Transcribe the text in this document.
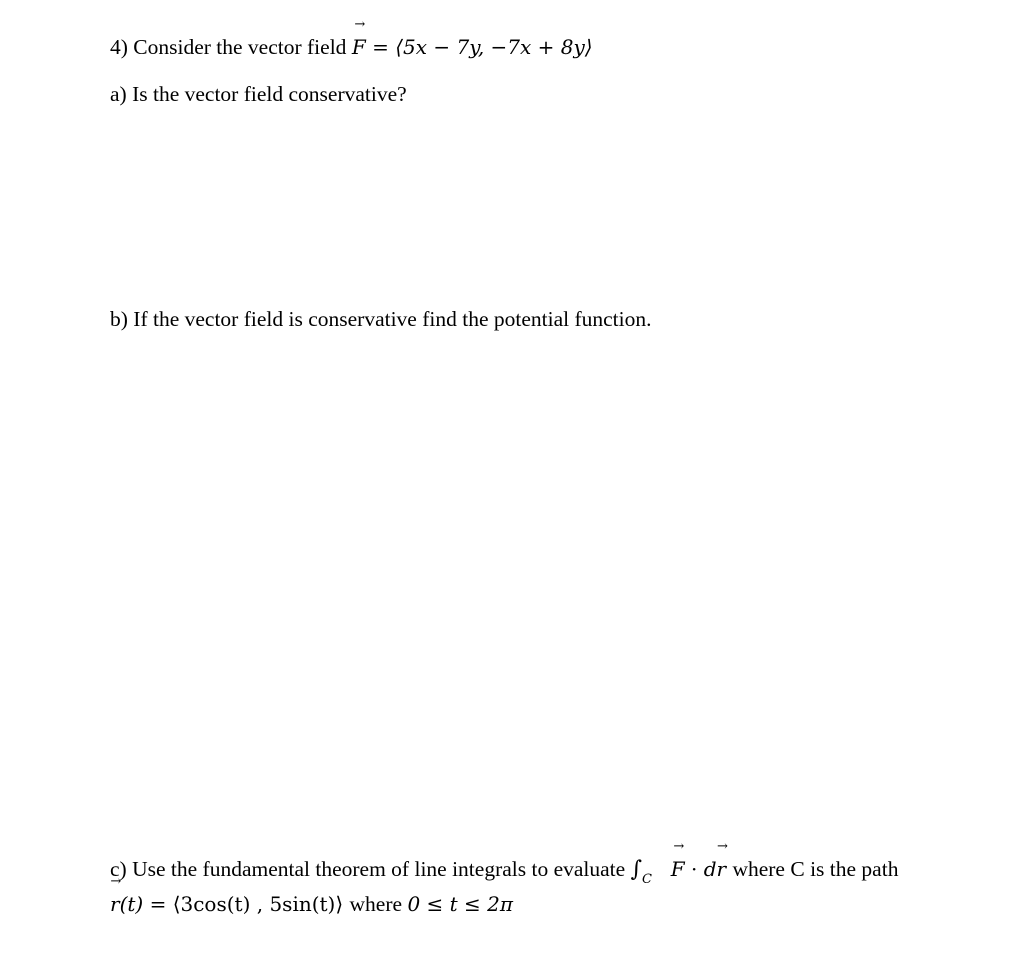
4) Consider the vector field → F = ⟨5x − 7y, −7x + 8y⟩
a) Is the vector field conservative?
b) If the vector field is conservative find the potential function.
c) Use the fundamental theorem of line integrals to evaluate $\int_C \to F \cdot d\to r$ where C is the path
→ r(t) = ⟨3cos(t) , 5sin(t)⟩ where 0 ≤ t ≤ 2π
